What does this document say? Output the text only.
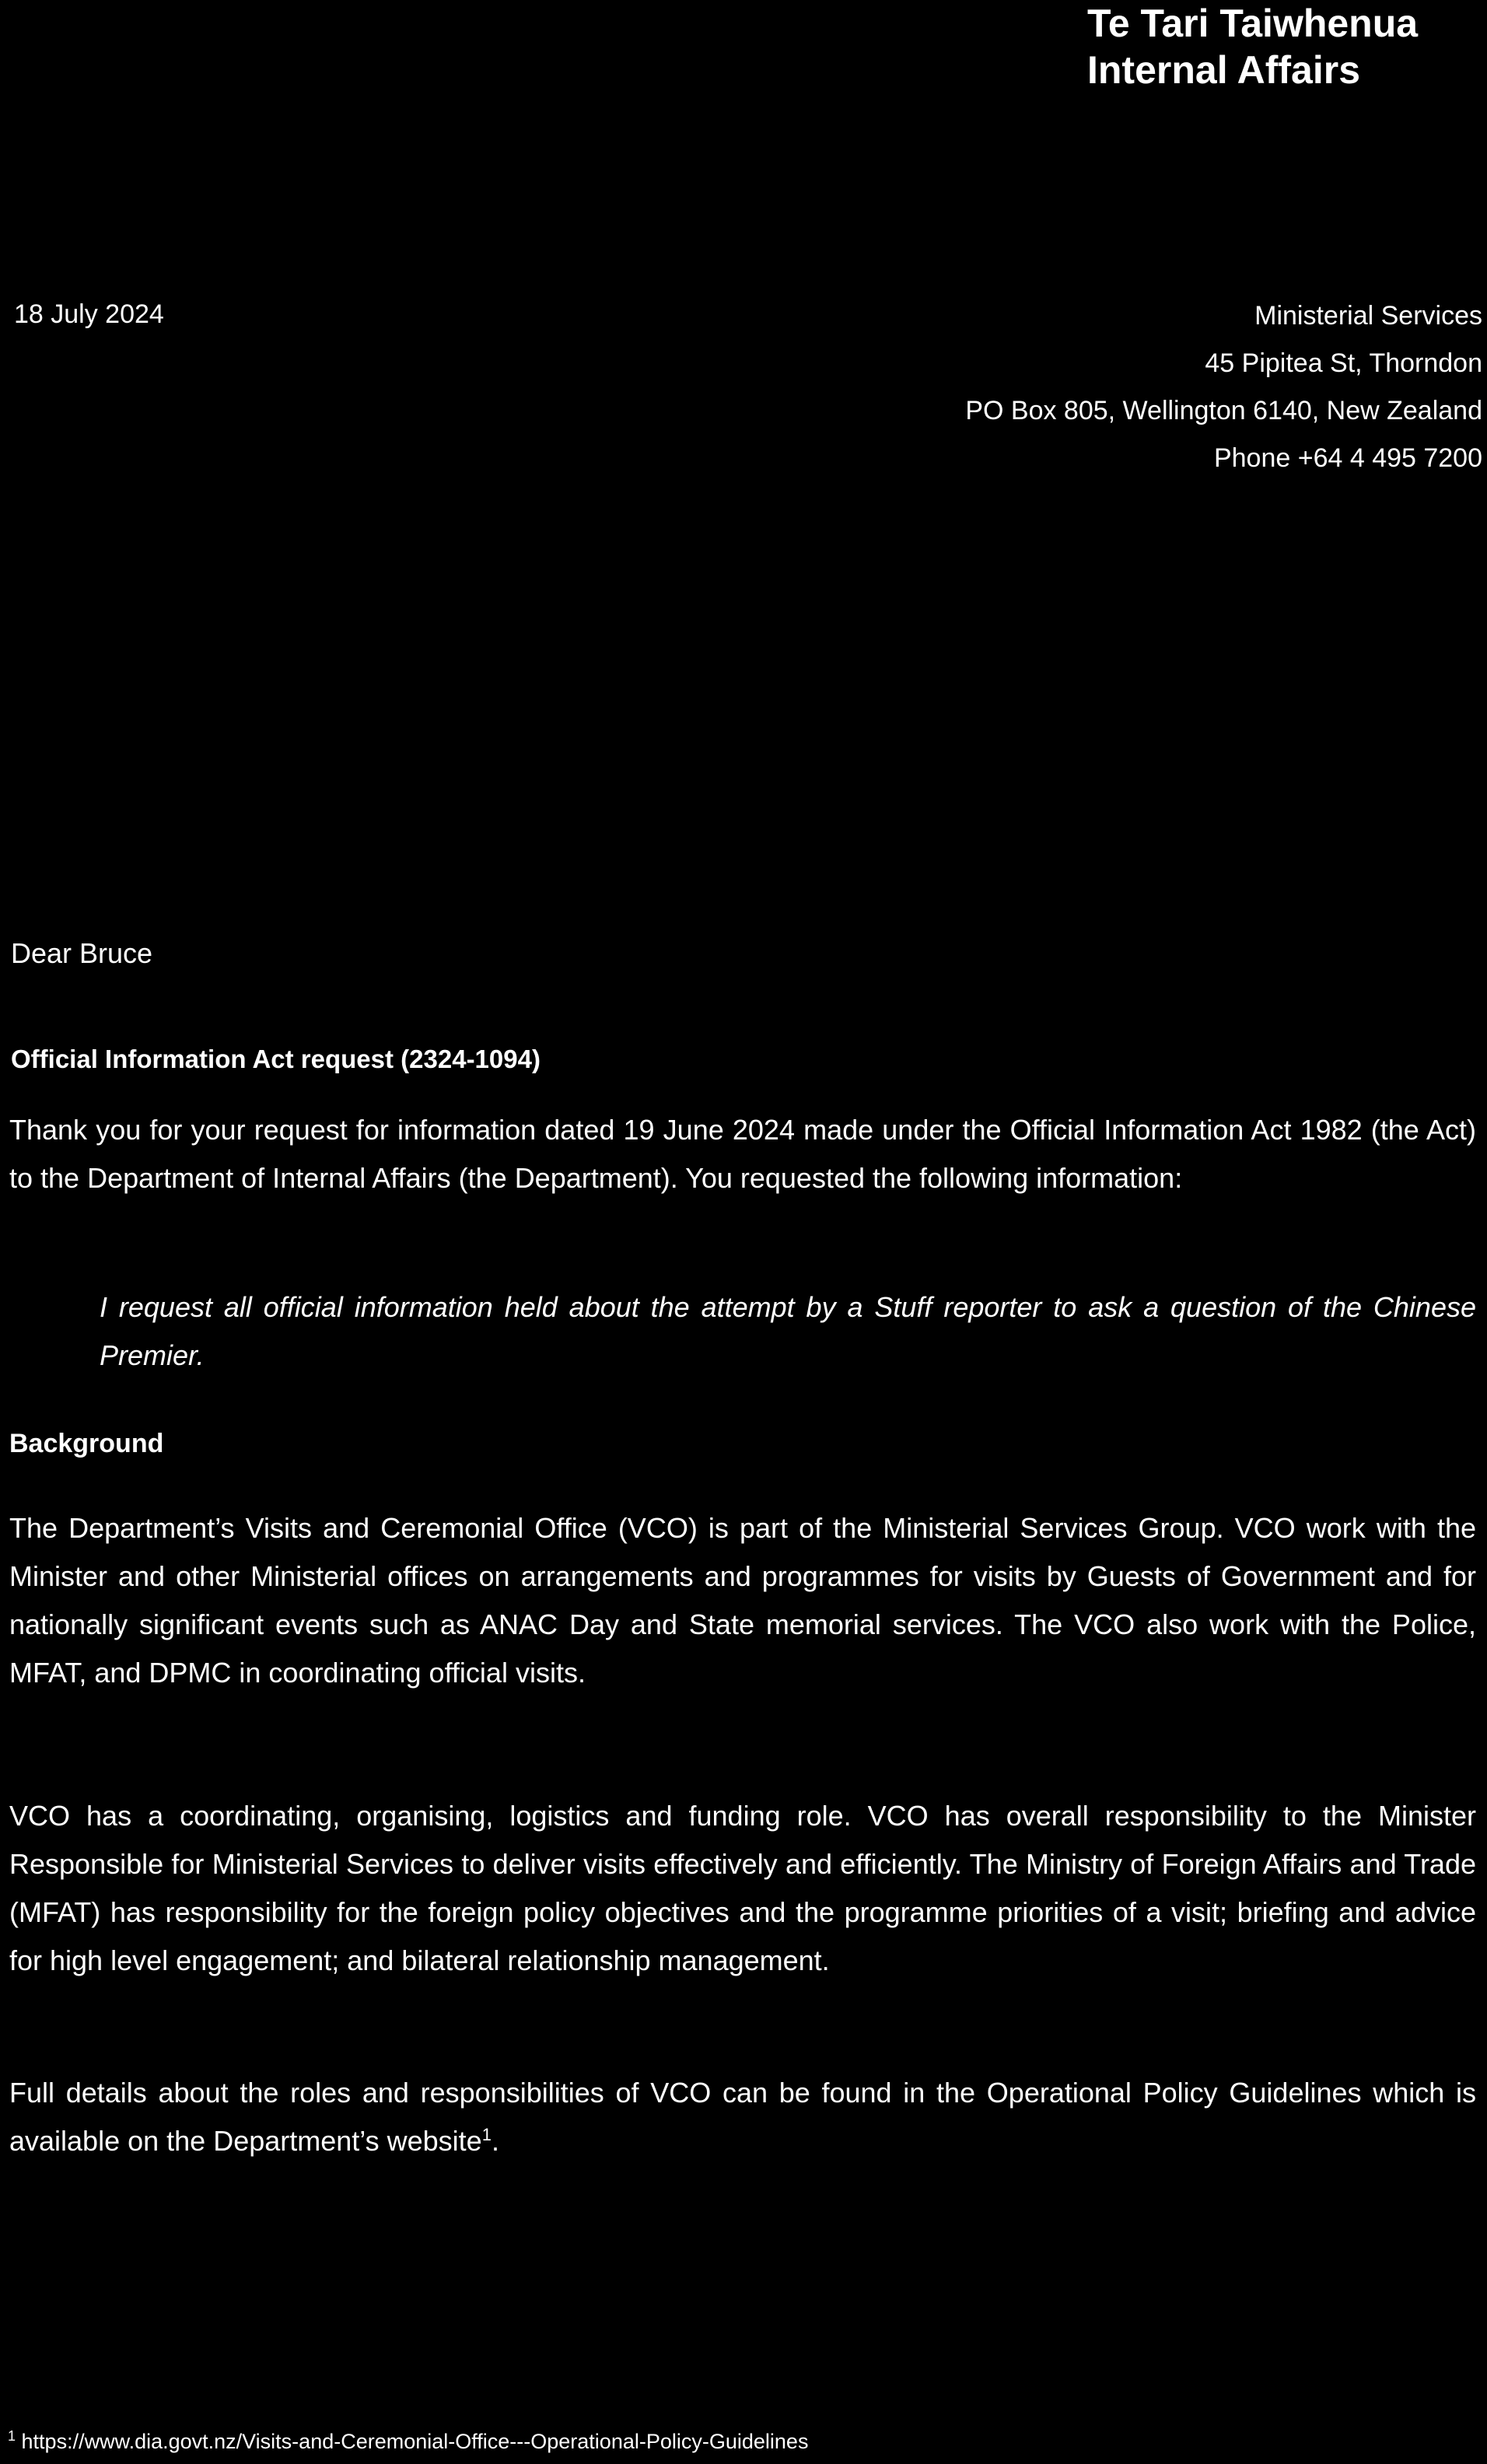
Te Tari Taiwhenua
Internal Affairs
18 July 2024	Ministerial Services
45 Pipitea St, Thorndon
PO Box 805, Wellington 6140, New Zealand
Phone +64 4 495 7200
Dear Bruce
Official Information Act request (2324-1094)

Thank you for your request for information dated 19 June 2024 made under the Official Information Act 1982 (the Act) to the Department of Internal Affairs (the Department). You requested the following information:

I request all official information held about the attempt by a Stuff reporter to ask a question of the Chinese Premier.

Background

The Department’s Visits and Ceremonial Office (VCO) is part of the Ministerial Services Group. VCO work with the Minister and other Ministerial offices on arrangements and programmes for visits by Guests of Government and for nationally significant events such as ANAC Day and State memorial services. The VCO also work with the Police, MFAT, and DPMC in coordinating official visits.

VCO has a coordinating, organising, logistics and funding role. VCO has overall responsibility to the Minister Responsible for Ministerial Services to deliver visits effectively and efficiently. The Ministry of Foreign Affairs and Trade (MFAT) has responsibility for the foreign policy objectives and the programme priorities of a visit; briefing and advice for high level engagement; and bilateral relationship management.

Full details about the roles and responsibilities of VCO can be found in the Operational Policy Guidelines which is available on the Department’s website$^1$.

$^1$ https://www.dia.govt.nz/Visits-and-Ceremonial-Office---Operational-Policy-Guidelines
